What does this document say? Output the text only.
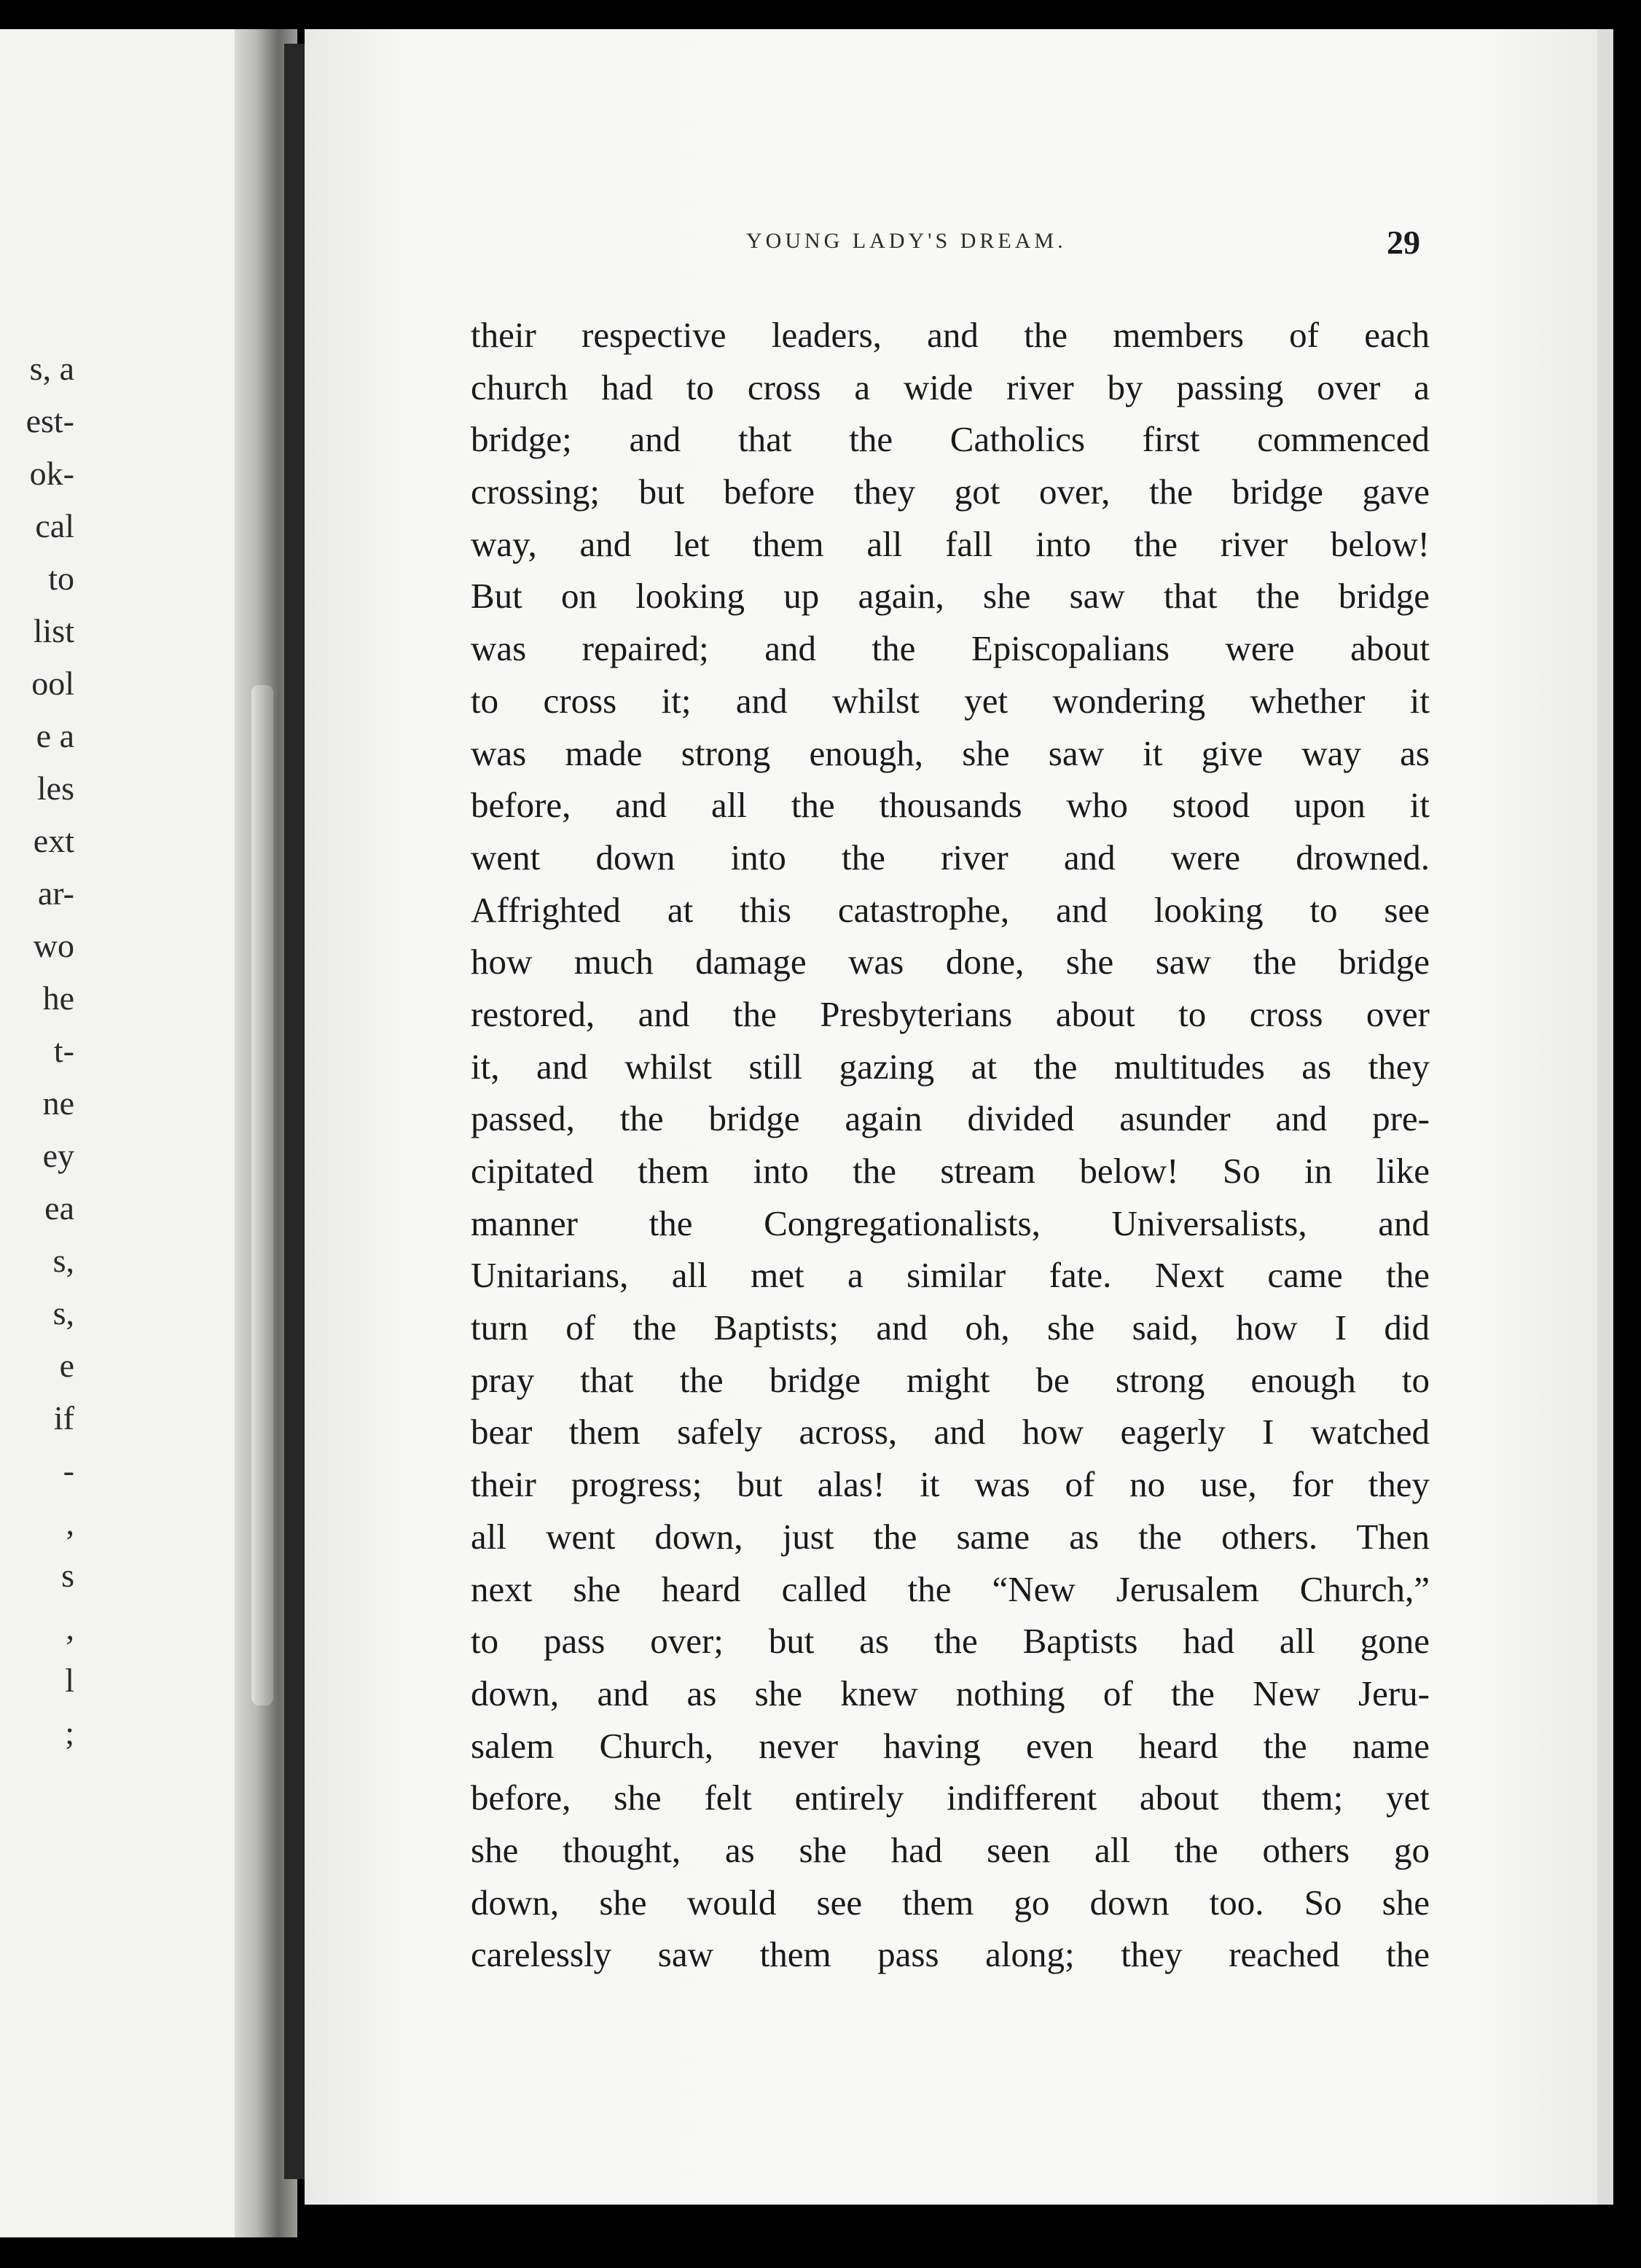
s, a
est-
ok-
cal
to
list
ool
e a
les
ext
ar-
wo
he
t-
ne
ey
ea
s,
s,
e
if
-
,
s
,
l
;
YOUNG LADY'S DREAM.	29
their respective leaders, and the members of each
church had to cross a wide river by passing over a
bridge; and that the Catholics first commenced
crossing; but before they got over, the bridge gave
way, and let them all fall into the river below!
But on looking up again, she saw that the bridge
was repaired; and the Episcopalians were about
to cross it; and whilst yet wondering whether it
was made strong enough, she saw it give way as
before, and all the thousands who stood upon it
went down into the river and were drowned.
Affrighted at this catastrophe, and looking to see
how much damage was done, she saw the bridge
restored, and the Presbyterians about to cross over
it, and whilst still gazing at the multitudes as they
passed, the bridge again divided asunder and pre-
cipitated them into the stream below! So in like
manner the Congregationalists, Universalists, and
Unitarians, all met a similar fate. Next came the
turn of the Baptists; and oh, she said, how I did
pray that the bridge might be strong enough to
bear them safely across, and how eagerly I watched
their progress; but alas! it was of no use, for they
all went down, just the same as the others. Then
next she heard called the “New Jerusalem Church,”
to pass over; but as the Baptists had all gone
down, and as she knew nothing of the New Jeru-
salem Church, never having even heard the name
before, she felt entirely indifferent about them; yet
she thought, as she had seen all the others go
down, she would see them go down too. So she
carelessly saw them pass along; they reached the
